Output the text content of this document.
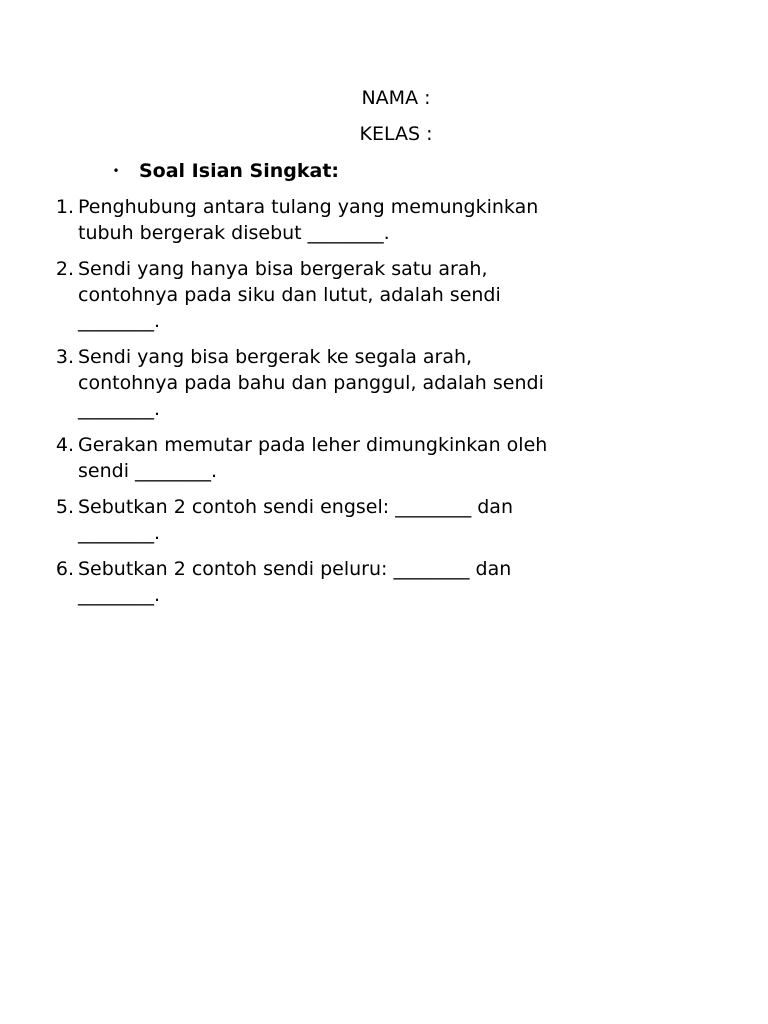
NAMA :
KELAS :
• Soal Isian Singkat:
1. Penghubung antara tulang yang memungkinkan tubuh bergerak disebut ________.
2. Sendi yang hanya bisa bergerak satu arah, contohnya pada siku dan lutut, adalah sendi ________.
3. Sendi yang bisa bergerak ke segala arah, contohnya pada bahu dan panggul, adalah sendi ________.
4. Gerakan memutar pada leher dimungkinkan oleh sendi ________.
5. Sebutkan 2 contoh sendi engsel: ________ dan ________.
6. Sebutkan 2 contoh sendi peluru: ________ dan ________.
